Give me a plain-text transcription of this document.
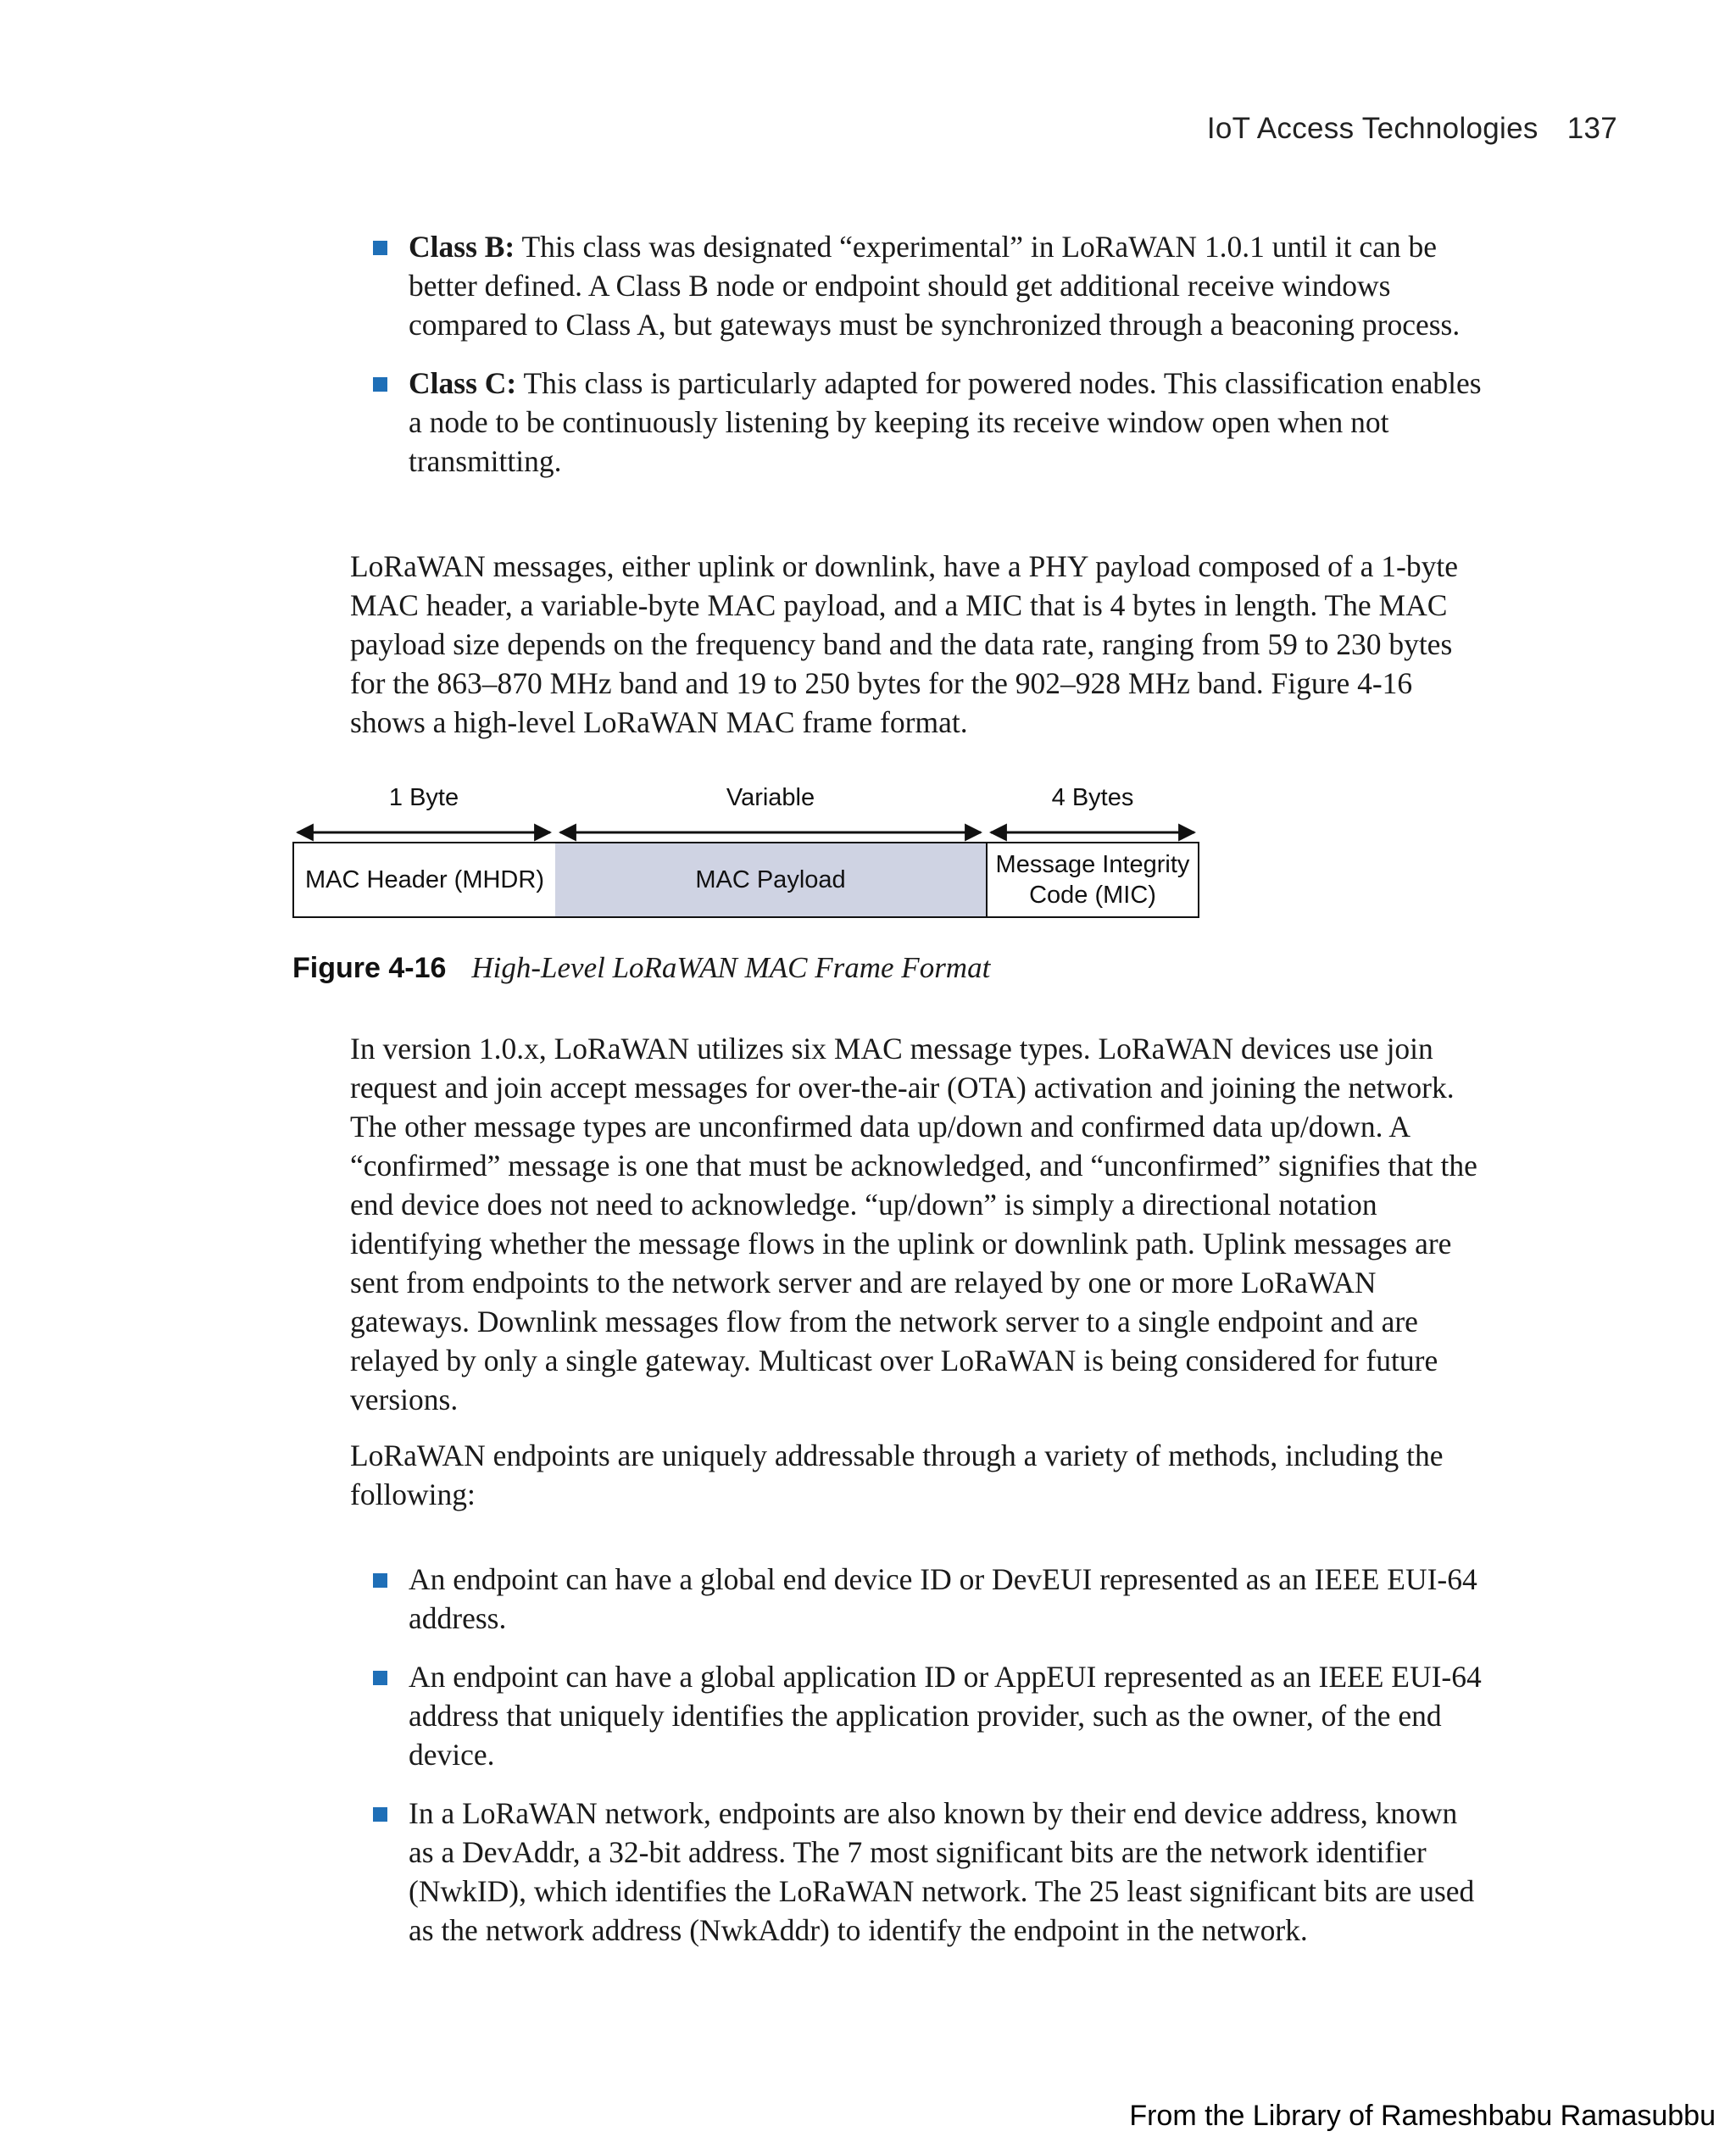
IoT Access Technologies 137
Class B: This class was designated “experimental” in LoRaWAN 1.0.1 until it can be better defined. A Class B node or endpoint should get additional receive windows compared to Class A, but gateways must be synchronized through a beaconing process.
Class C: This class is particularly adapted for powered nodes. This classification enables a node to be continuously listening by keeping its receive window open when not transmitting.

LoRaWAN messages, either uplink or downlink, have a PHY payload composed of a 1-byte MAC header, a variable-byte MAC payload, and a MIC that is 4 bytes in length. The MAC payload size depends on the frequency band and the data rate, ranging from 59 to 230 bytes for the 863–870 MHz band and 19 to 250 bytes for the 902–928 MHz band. Figure 4-16 shows a high-level LoRaWAN MAC frame format.

1 Byte	Variable	4 Bytes
MAC Header (MHDR)	MAC Payload
Message Integrity
Code (MIC)
Figure 4-16 High-Level LoRaWAN MAC Frame Format

In version 1.0.x, LoRaWAN utilizes six MAC message types. LoRaWAN devices use join request and join accept messages for over-the-air (OTA) activation and joining the network. The other message types are unconfirmed data up/down and confirmed data up/down. A “confirmed” message is one that must be acknowledged, and “unconfirmed” signifies that the end device does not need to acknowledge. “up/down” is simply a directional notation identifying whether the message flows in the uplink or downlink path. Uplink messages are sent from endpoints to the network server and are relayed by one or more LoRaWAN gateways. Downlink messages flow from the network server to a single endpoint and are relayed by only a single gateway. Multicast over LoRaWAN is being considered for future versions.

LoRaWAN endpoints are uniquely addressable through a variety of methods, including the following:

An endpoint can have a global end device ID or DevEUI represented as an IEEE EUI-64 address.
An endpoint can have a global application ID or AppEUI represented as an IEEE EUI-64 address that uniquely identifies the application provider, such as the owner, of the end device.
In a LoRaWAN network, endpoints are also known by their end device address, known as a DevAddr, a 32-bit address. The 7 most significant bits are the network identifier (NwkID), which identifies the LoRaWAN network. The 25 least significant bits are used as the network address (NwkAddr) to identify the endpoint in the network.
From the Library of Rameshbabu Ramasubbu
